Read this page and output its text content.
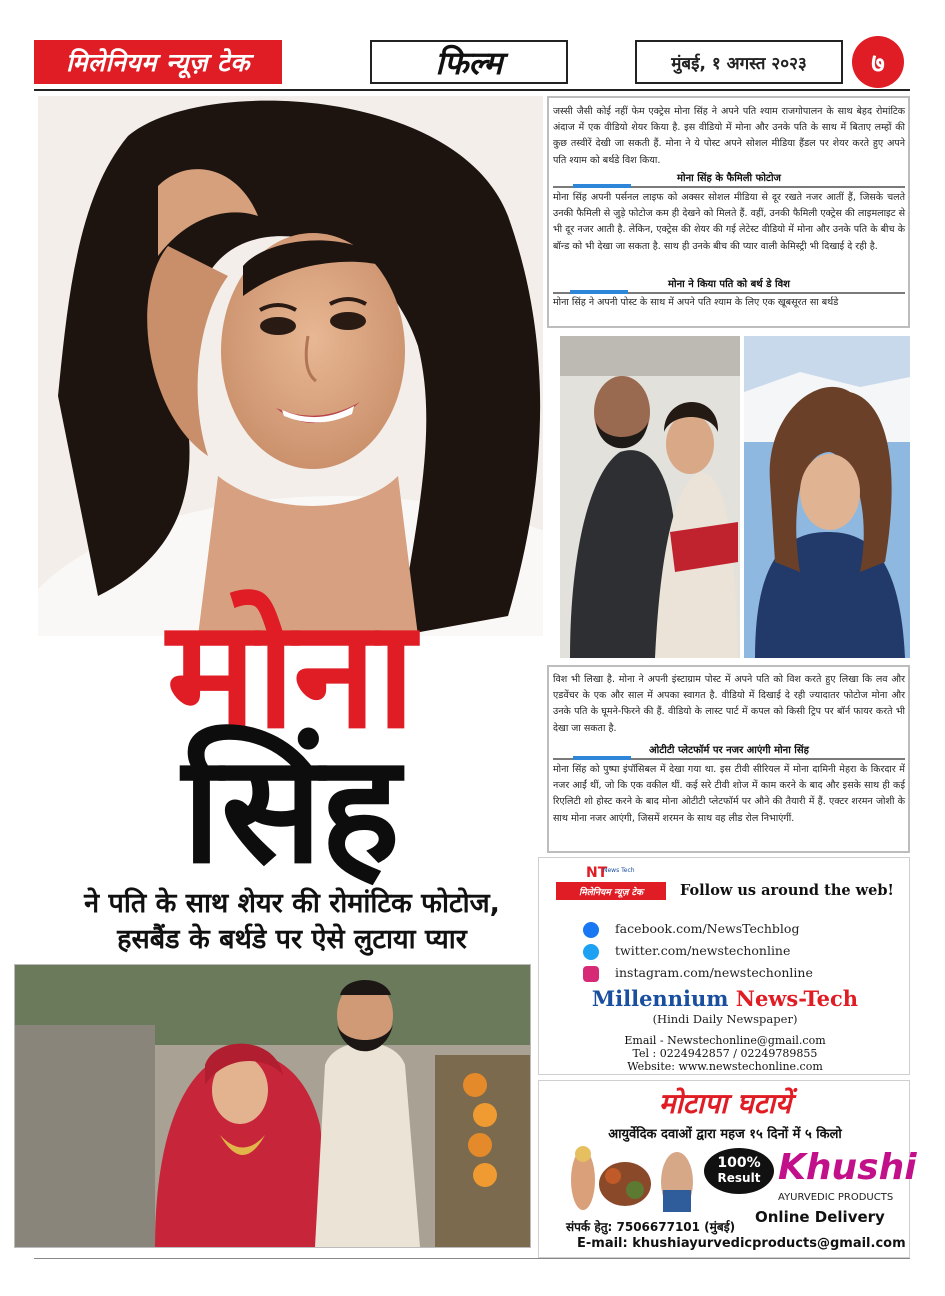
मिलेनियम न्यूज़ टेक	फिल्म	मुंबई, १ अगस्त २०२३ ७
मोना
सिंह
ने पति के साथ शेयर की रोमांटिक फोटोज,
हसबैंड के बर्थडे पर ऐसे लुटाया प्यार

जस्सी जैसी कोई नहीं फेम एक्ट्रेस मोना सिंह ने अपने पति श्याम राजगोपालन के साथ बेहद रोमांटिक अंदाज में एक वीडियो शेयर किया है. इस वीडियो में मोना और उनके पति के साथ में बिताए लम्हों की कुछ तस्वीरें देखी जा सकती हैं. मोना ने ये पोस्ट अपने सोशल मीडिया हैंडल पर शेयर करते हुए अपने पति श्याम को बर्थडे विश किया.

मोना सिंह के फैमिली फोटोज

मोना सिंह अपनी पर्सनल लाइफ को अक्सर सोशल मीडिया से दूर रखते नजर आतीं हैं, जिसके चलते उनकी फैमिली से जुड़े फोटोज कम ही देखने को मिलते हैं. वहीं, उनकी फैमिली एक्ट्रेस की लाइमलाइट से भी दूर नजर आती है. लेकिन, एक्ट्रेस की शेयर की गई लेटेस्ट वीडियो में मोना और उनके पति के बीच के बॉन्ड को भी देखा जा सकता है. साथ ही उनके बीच की प्यार वाली केमिस्ट्री भी दिखाई दे रही है.

मोना ने किया पति को बर्थ डे विश

मोना सिंह ने अपनी पोस्ट के साथ में अपने पति श्याम के लिए एक खूबसूरत सा बर्थडे

विश भी लिखा है. मोना ने अपनी इंस्टाग्राम पोस्ट में अपने पति को विश करते हुए लिखा कि लव और एडवेंचर के एक और साल में अपका स्वागत है. वीडियो में दिखाई दे रही ज्यादातर फोटोज मोना और उनके पति के घूमने-फिरने की हैं. वीडियो के लास्ट पार्ट में कपल को किसी ट्रिप पर बॉर्न फायर करते भी देखा जा सकता है.

ओटीटी प्लेटफॉर्म पर नजर आएंगी मोना सिंह

मोना सिंह को पुष्पा इंपॉसिबल में देखा गया था. इस टीवी सीरियल में मोना दामिनी मेहरा के किरदार में नजर आईं थीं, जो कि एक वकील थीं. कई सरे टीवी शोज में काम करने के बाद और इसके साथ ही कई रिएलिटी शो होस्ट करने के बाद मोना ओटीटी प्लेटफॉर्म पर औने की तैयारी में हैं. एक्टर शरमन जोशी के साथ मोना नजर आएंगी, जिसमें शरमन के साथ वह लीड रोल निभाएंगीं.

NT
News Tech
मिलेनियम न्यूज़ टेक	Follow us around the web!
facebook.com/NewsTechblog
twitter.com/newstechonline
instagram.com/newstechonline
Millennium News-Tech
(Hindi Daily Newspaper)
Email - Newstechonline@gmail.com
Tel : 0224942857 / 02249789855
Website: www.newstechonline.com
मोटापा घटायें
आयुर्वेदिक दवाओं द्वारा महज १५ दिनों में ५ किलो
100%
Result Khushi
AYURVEDIC PRODUCTS
Online Delivery
संपर्क हेतु: 7506677101 (मुंबई)
E-mail: khushiayurvedicproducts@gmail.com
